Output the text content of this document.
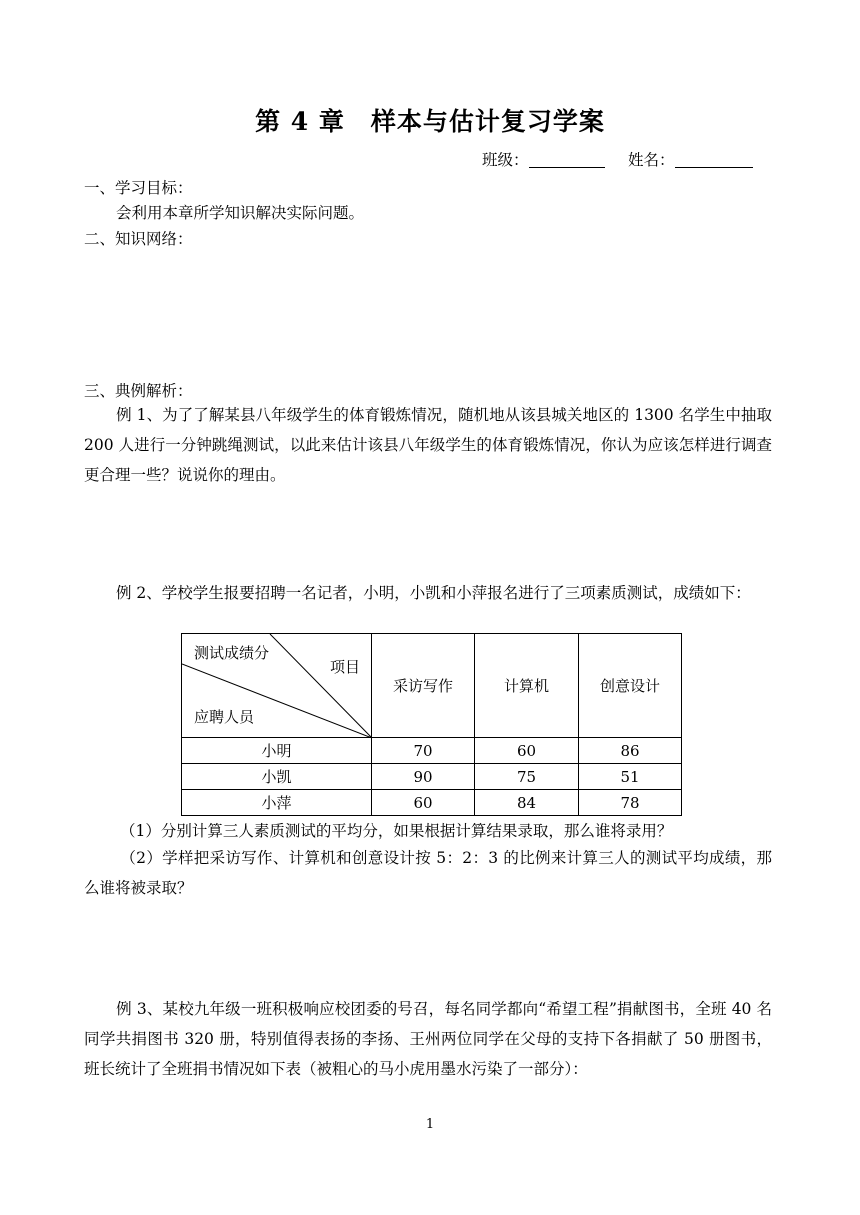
第 4 章　样本与估计复习学案
班级：	姓名：
一、学习目标：
会利用本章所学知识解决实际问题。
二、知识网络：
三、典例解析：
例 1、为了了解某县八年级学生的体育锻炼情况，随机地从该县城关地区的 1300 名学生中抽取 200 人进行一分钟跳绳测试，以此来估计该县八年级学生的体育锻炼情况，你认为应该怎样进行调查更合理一些？说说你的理由。
例 2、学校学生报要招聘一名记者，小明，小凯和小萍报名进行了三项素质测试，成绩如下：
测试成绩分
项目
应聘人员	采访写作	计算机	创意设计
小明	70	60	86
小凯	90	75	51
小萍	60	84	78
（1）分别计算三人素质测试的平均分，如果根据计算结果录取，那么谁将录用？
（2）学样把采访写作、计算机和创意设计按 5：2：3 的比例来计算三人的测试平均成绩，那么谁将被录取？
例 3、某校九年级一班积极响应校团委的号召，每名同学都向“希望工程”捐献图书，全班 40 名同学共捐图书 320 册，特别值得表扬的李扬、王州两位同学在父母的支持下各捐献了 50 册图书，班长统计了全班捐书情况如下表（被粗心的马小虎用墨水污染了一部分）：
1
